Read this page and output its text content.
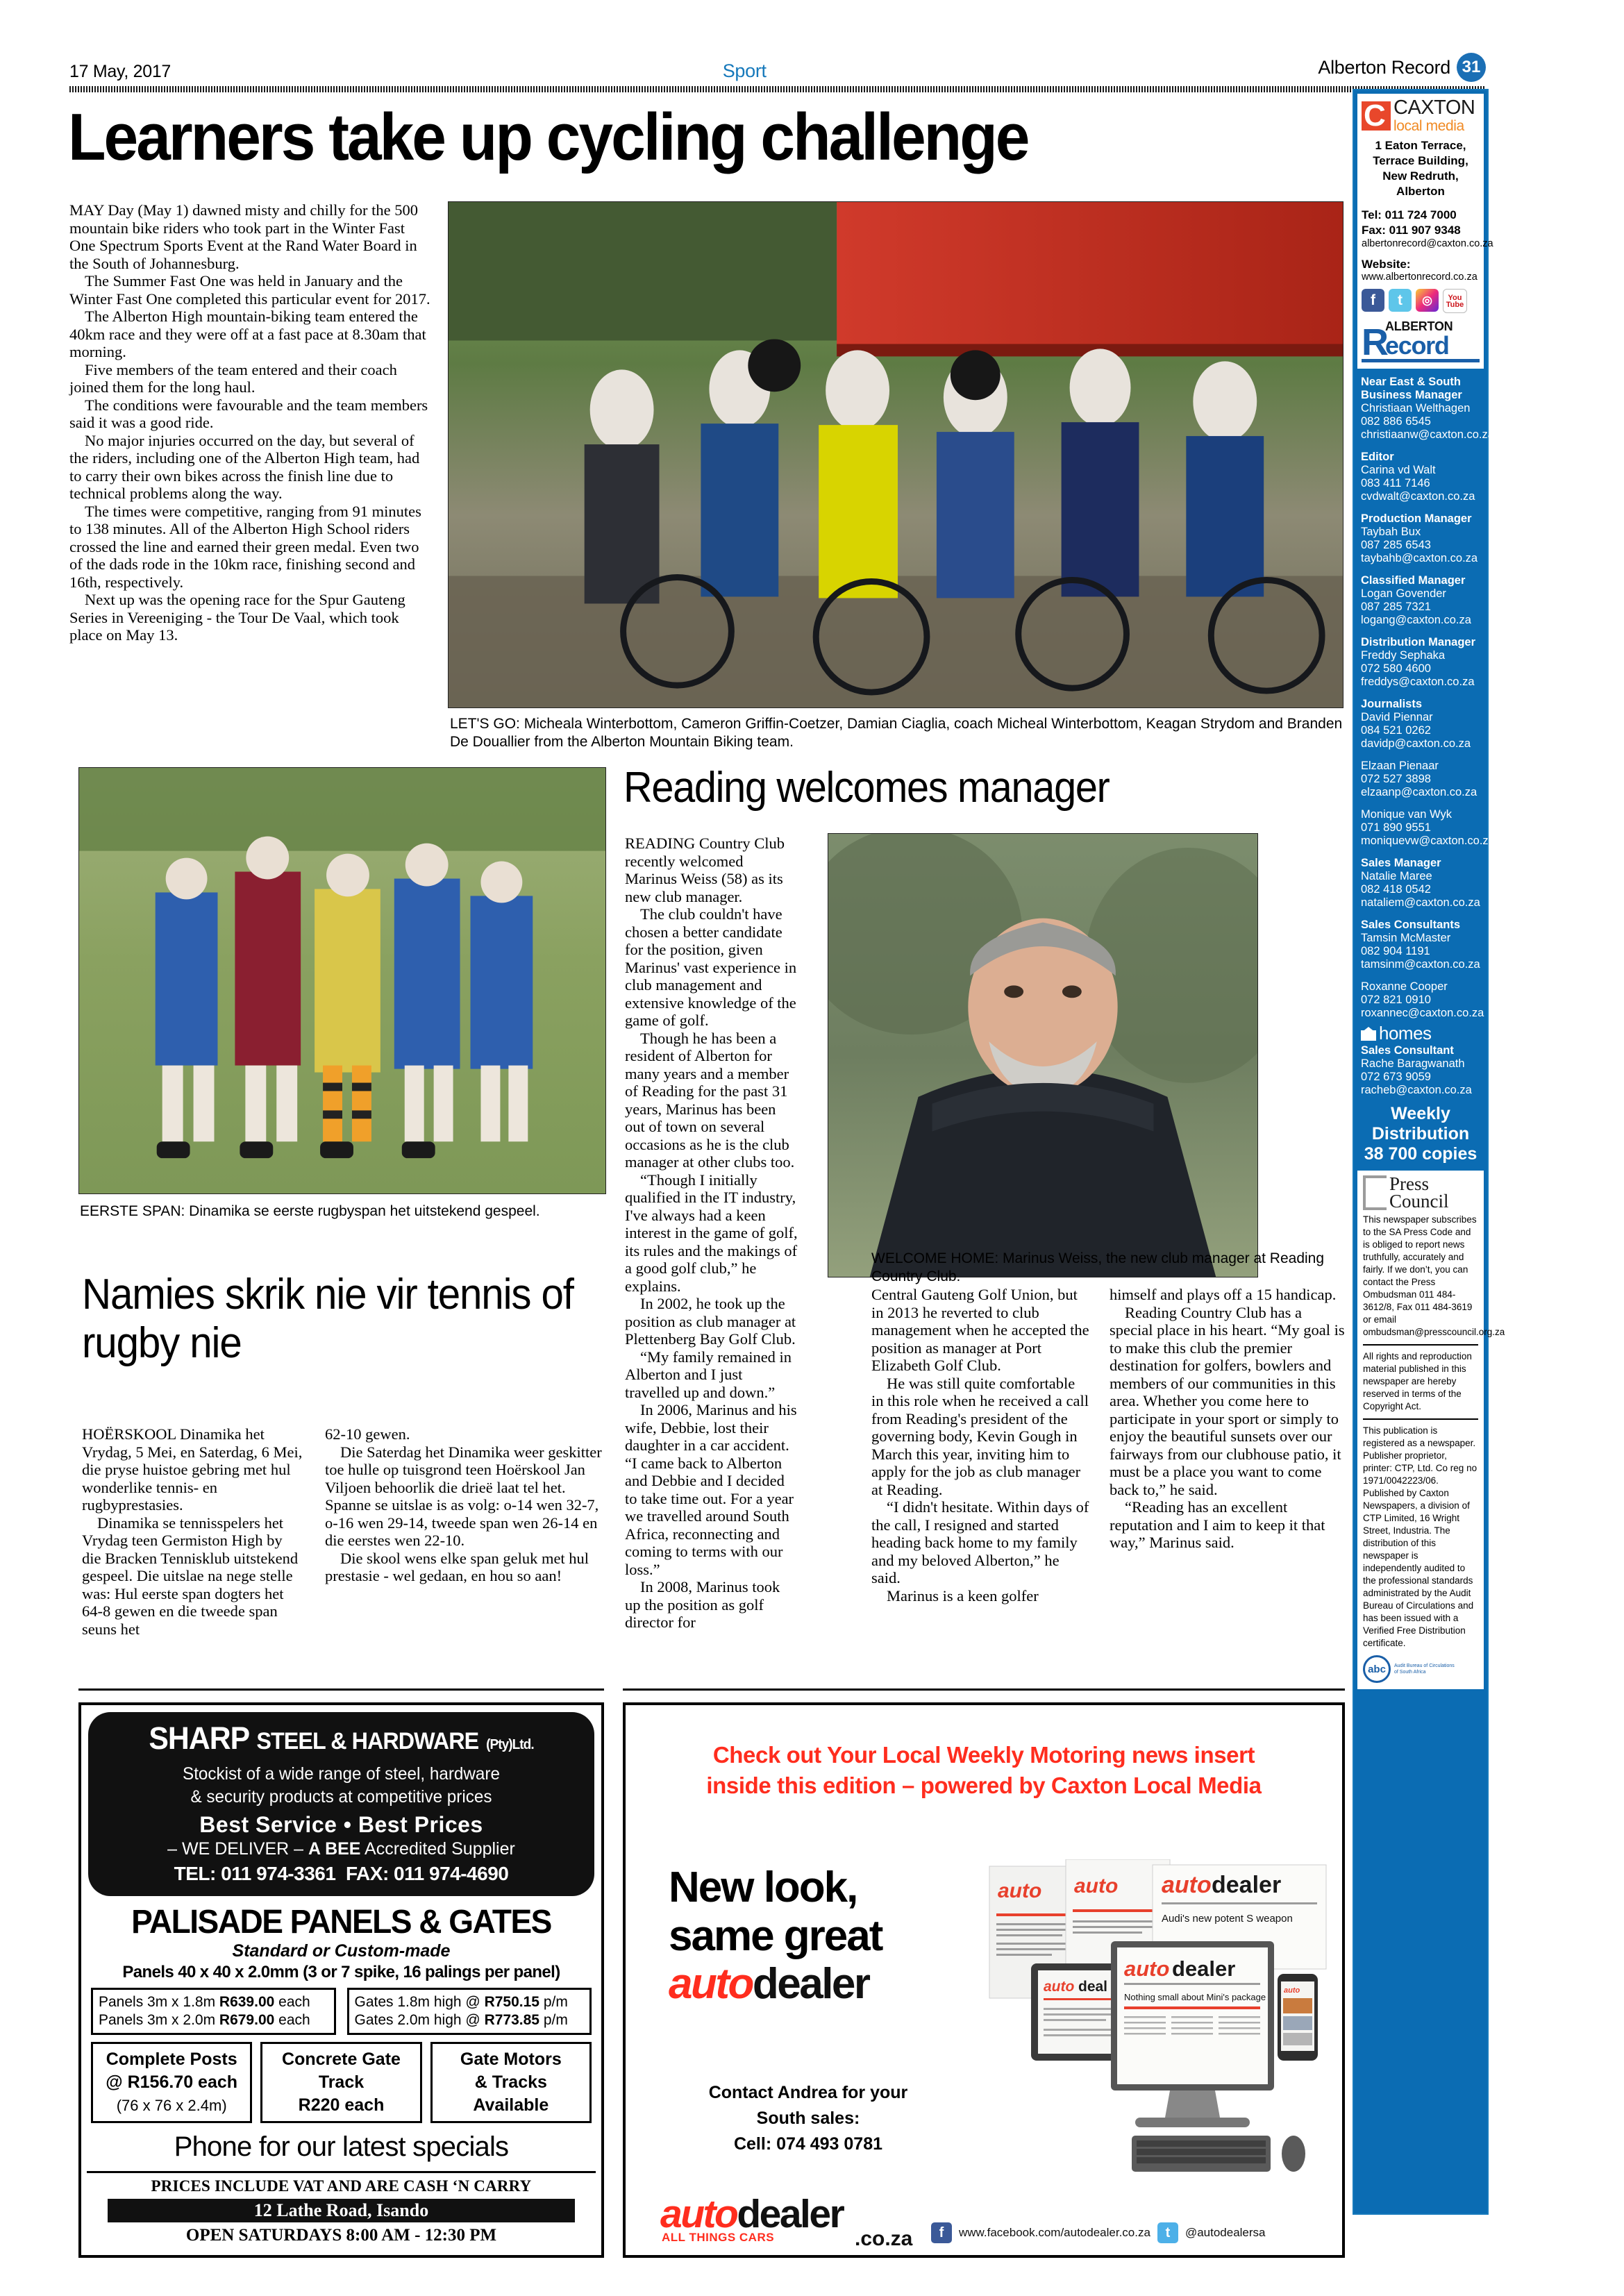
17 May, 2017	Sport	Alberton Record 31
Learners take up cycling challenge

MAY Day (May 1) dawned misty and chilly for the 500 mountain bike riders who took part in the Winter Fast One Spectrum Sports Event at the Rand Water Board in the South of Johannesburg.

The Summer Fast One was held in January and the Winter Fast One completed this particular event for 2017.

The Alberton High mountain-biking team entered the 40km race and they were off at a fast pace at 8.30am that morning.

Five members of the team entered and their coach joined them for the long haul.

The conditions were favourable and the team members said it was a good ride.

No major injuries occurred on the day, but several of the riders, including one of the Alberton High team, had to carry their own bikes across the finish line due to technical problems along the way.

The times were competitive, ranging from 91 minutes to 138 minutes. All of the Alberton High School riders crossed the line and earned their green medal. Even two of the dads rode in the 10km race, finishing second and 16th, respectively.

Next up was the opening race for the Spur Gauteng Series in Vereeniging - the Tour De Vaal, which took place on May 13.

LET'S GO: Micheala Winterbottom, Cameron Griffin-Coetzer, Damian Ciaglia, coach Micheal Winterbottom, Keagan Strydom and Branden De Douallier from the Alberton Mountain Biking team.
EERSTE SPAN: Dinamika se eerste rugbyspan het uitstekend gespeel.
Reading welcomes manager

READING Country Club recently welcomed Marinus Weiss (58) as its new club manager.

The club couldn't have chosen a better candidate for the position, given Marinus' vast experience in club management and extensive knowledge of the game of golf.

Though he has been a resident of Alberton for many years and a member of Reading for the past 31 years, Marinus has been out of town on several occasions as he is the club manager at other clubs too.

“Though I initially qualified in the IT industry, I've always had a keen interest in the game of golf, its rules and the makings of a good golf club,” he explains.

In 2002, he took up the position as club manager at Plettenberg Bay Golf Club.

“My family remained in Alberton and I just travelled up and down.”

In 2006, Marinus and his wife, Debbie, lost their daughter in a car accident. “I came back to Alberton and Debbie and I decided to take time out. For a year we travelled around South Africa, reconnecting and coming to terms with our loss.”

In 2008, Marinus took up the position as golf director for

WELCOME HOME: Marinus Weiss, the new club manager at Reading Country Club.

Central Gauteng Golf Union, but in 2013 he reverted to club management when he accepted the position as manager at Port Elizabeth Golf Club.

He was still quite comfortable in this role when he received a call from Reading's president of the governing body, Kevin Gough in March this year, inviting him to apply for the job as club manager at Reading.

“I didn't hesitate. Within days of the call, I resigned and started heading back home to my family and my beloved Alberton,” he said.

Marinus is a keen golfer

himself and plays off a 15 handicap.

Reading Country Club has a special place in his heart. “My goal is to make this club the premier destination for golfers, bowlers and members of our communities in this area. Whether you come here to participate in your sport or simply to enjoy the beautiful sunsets over our fairways from our clubhouse patio, it must be a place you want to come back to,” he said.

“Reading has an excellent reputation and I aim to keep it that way,” Marinus said.

Namies skrik nie vir tennis of rugby nie

HOËRSKOOL Dinamika het Vrydag, 5 Mei, en Saterdag, 6 Mei, die pryse huistoe gebring met hul wonderlike tennis- en rugbyprestasies.

Dinamika se tennisspelers het Vrydag teen Germiston High by die Bracken Tennisklub uitstekend gespeel. Die uitslae na nege stelle was: Hul eerste span dogters het 64-8 gewen en die tweede span seuns het

62-10 gewen.

Die Saterdag het Dinamika weer geskitter toe hulle op tuisgrond teen Hoërskool Jan Viljoen behoorlik die drieë laat tel het. Spanne se uitslae is as volg: o-14 wen 32-7, o-16 wen 29-14, tweede span wen 26-14 en die eerstes wen 22-10.

Die skool wens elke span geluk met hul prestasie - wel gedaan, en hou so aan!

SHARP STEEL & HARDWARE (Pty)Ltd.
Stockist of a wide range of steel, hardware
& security products at competitive prices
Best Service • Best Prices
– WE DELIVER – A BEE Accredited Supplier
TEL: 011 974-3361 FAX: 011 974-4690
PALISADE PANELS & GATES
Standard or Custom-made
Panels 40 x 40 x 2.0mm (3 or 7 spike, 16 palings per panel)
Panels 3m x 1.8m R639.00 each
Panels 3m x 2.0m R679.00 each
Gates 1.8m high @ R750.15 p/m
Gates 2.0m high @ R773.85 p/m
Complete Posts
@ R156.70 each
(76 x 76 x 2.4m)
Concrete Gate
Track
R220 each
Gate Motors
& Tracks
Available
Phone for our latest specials
PRICES INCLUDE VAT AND ARE CASH ‘N CARRY
12 Lathe Road, Isando
OPEN SATURDAYS 8:00 AM - 12:30 PM
Check out Your Local Weekly Motoring news insert
inside this edition – powered by Caxton Local Media
New look,
same great
autodealer
Contact Andrea for your
South sales:
Cell: 074 493 0781
auto auto auto dealer
Audi's new potent S weapon
auto deal
auto dealer
Nothing small about Mini's package
auto
autodealer
.co.za
ALL THINGS CARS	f	www.facebook.com/autodealer.co.za	t	@autodealersa
C
CAXTON
local media
1 Eaton Terrace,
Terrace Building,
New Redruth, Alberton
Tel: 011 724 7000
Fax: 011 907 9348
albertonrecord@caxton.co.za
Website:
www.albertonrecord.co.za
f	t	◎	You
Tube
R
ALBERTON ecord
Near East & South Business Manager
Christiaan Welthagen
082 886 6545
christiaanw@caxton.co.za
Editor
Carina vd Walt
083 411 7146
cvdwalt@caxton.co.za
Production Manager
Taybah Bux
087 285 6543
taybahb@caxton.co.za
Classified Manager
Logan Govender
087 285 7321
logang@caxton.co.za
Distribution Manager
Freddy Sephaka
072 580 4600
freddys@caxton.co.za
Journalists
David Piennar
084 521 0262
davidp@caxton.co.za
Elzaan Pienaar
072 527 3898
elzaanp@caxton.co.za
Monique van Wyk
071 890 9551
moniquevw@caxton.co.za
Sales Manager
Natalie Maree
082 418 0542
nataliem@caxton.co.za
Sales Consultants
Tamsin McMaster
082 904 1191
tamsinm@caxton.co.za
Roxanne Cooper
072 821 0910
roxannec@caxton.co.za
homes
Sales Consultant
Rache Baragwanath
072 673 9059
racheb@caxton.co.za
Weekly
Distribution
38 700 copies
Press
Council
This newspaper subscribes to the SA Press Code and is obliged to report news truthfully, accurately and fairly. If we don’t, you can contact the Press Ombudsman 011 484-3612/8, Fax 011 484-3619 or email ombudsman@presscouncil.org.za
All rights and reproduction material published in this newspaper are hereby reserved in terms of the Copyright Act.
This publication is registered as a newspaper. Publisher proprietor, printer: CTP, Ltd. Co reg no 1971/0042223/06. Published by Caxton Newspapers, a division of CTP Limited, 16 Wright Street, Industria. The distribution of this newspaper is independently audited to the professional standards administrated by the Audit Bureau of Circulations and has been issued with a Verified Free Distribution certificate.
abc	Audit Bureau of Circulations
of South Africa
